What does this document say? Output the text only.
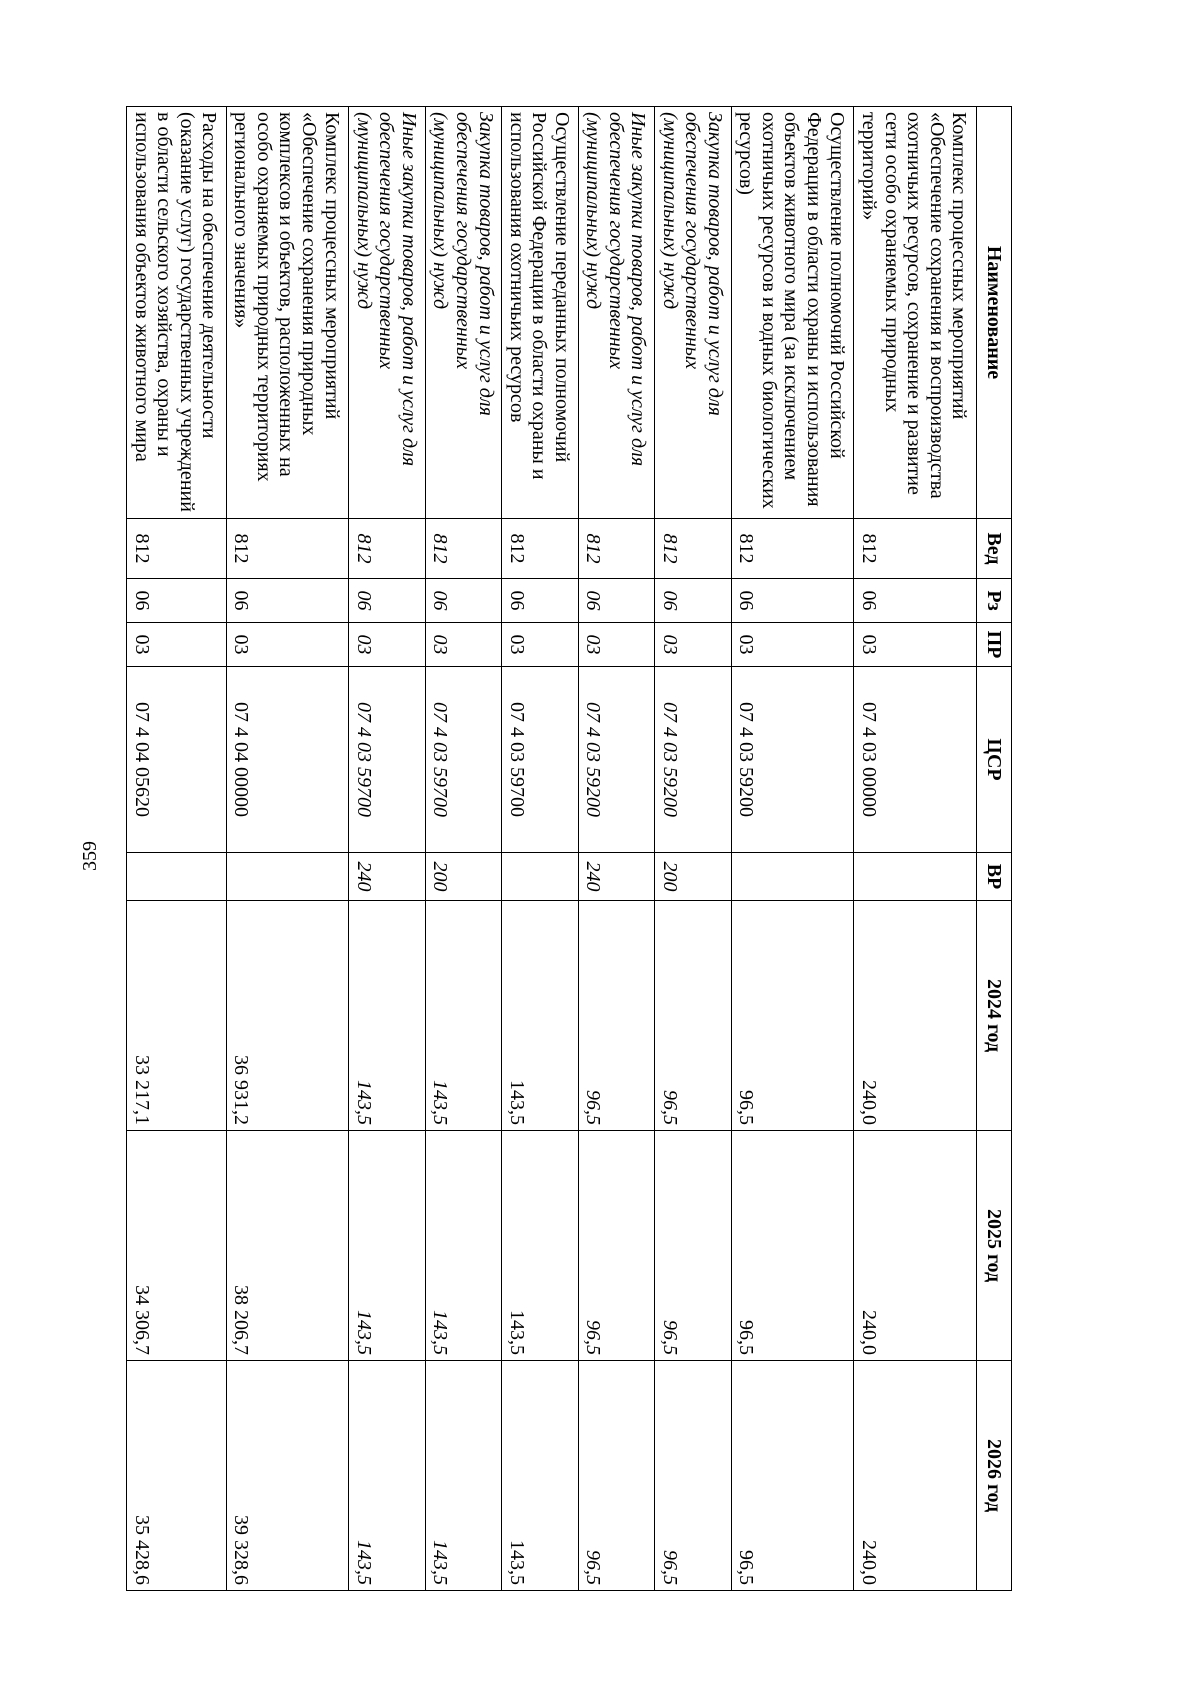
359
Наименование	Вед	Рз	ПР	ЦСР	ВР	2024 год	2025 год	2026 год
Комплекс процессных мероприятий «Обеспечение сохранения и воспроизводства охотничьих ресурсов, сохранение и развитие сети особо охраняемых природных территорий»	812	06	03	07 4 03 00000		240,0	240,0	240,0
Осуществление полномочий Российской Федерации в области охраны и использования объектов животного мира (за исключением охотничьих ресурсов и водных биологических ресурсов)	812	06	03	07 4 03 59200		96,5	96,5	96,5
Закупка товаров, работ и услуг для обеспечения государственных (муниципальных) нужд	812	06	03	07 4 03 59200	200	96,5	96,5	96,5
Иные закупки товаров, работ и услуг для обеспечения государственных (муниципальных) нужд	812	06	03	07 4 03 59200	240	96,5	96,5	96,5
Осуществление переданных полномочий Российской Федерации в области охраны и использования охотничьих ресурсов	812	06	03	07 4 03 59700		143,5	143,5	143,5
Закупка товаров, работ и услуг для обеспечения государственных (муниципальных) нужд	812	06	03	07 4 03 59700	200	143,5	143,5	143,5
Иные закупки товаров, работ и услуг для обеспечения государственных (муниципальных) нужд	812	06	03	07 4 03 59700	240	143,5	143,5	143,5
Комплекс процессных мероприятий «Обеспечение сохранения природных комплексов и объектов, расположенных на особо охраняемых природных территориях регионального значения»	812	06	03	07 4 04 00000		36 931,2	38 206,7	39 328,6
Расходы на обеспечение деятельности (оказание услуг) государственных учреждений в области сельского хозяйства, охраны и использования объектов животного мира	812	06	03	07 4 04 05620		33 217,1	34 306,7	35 428,6
